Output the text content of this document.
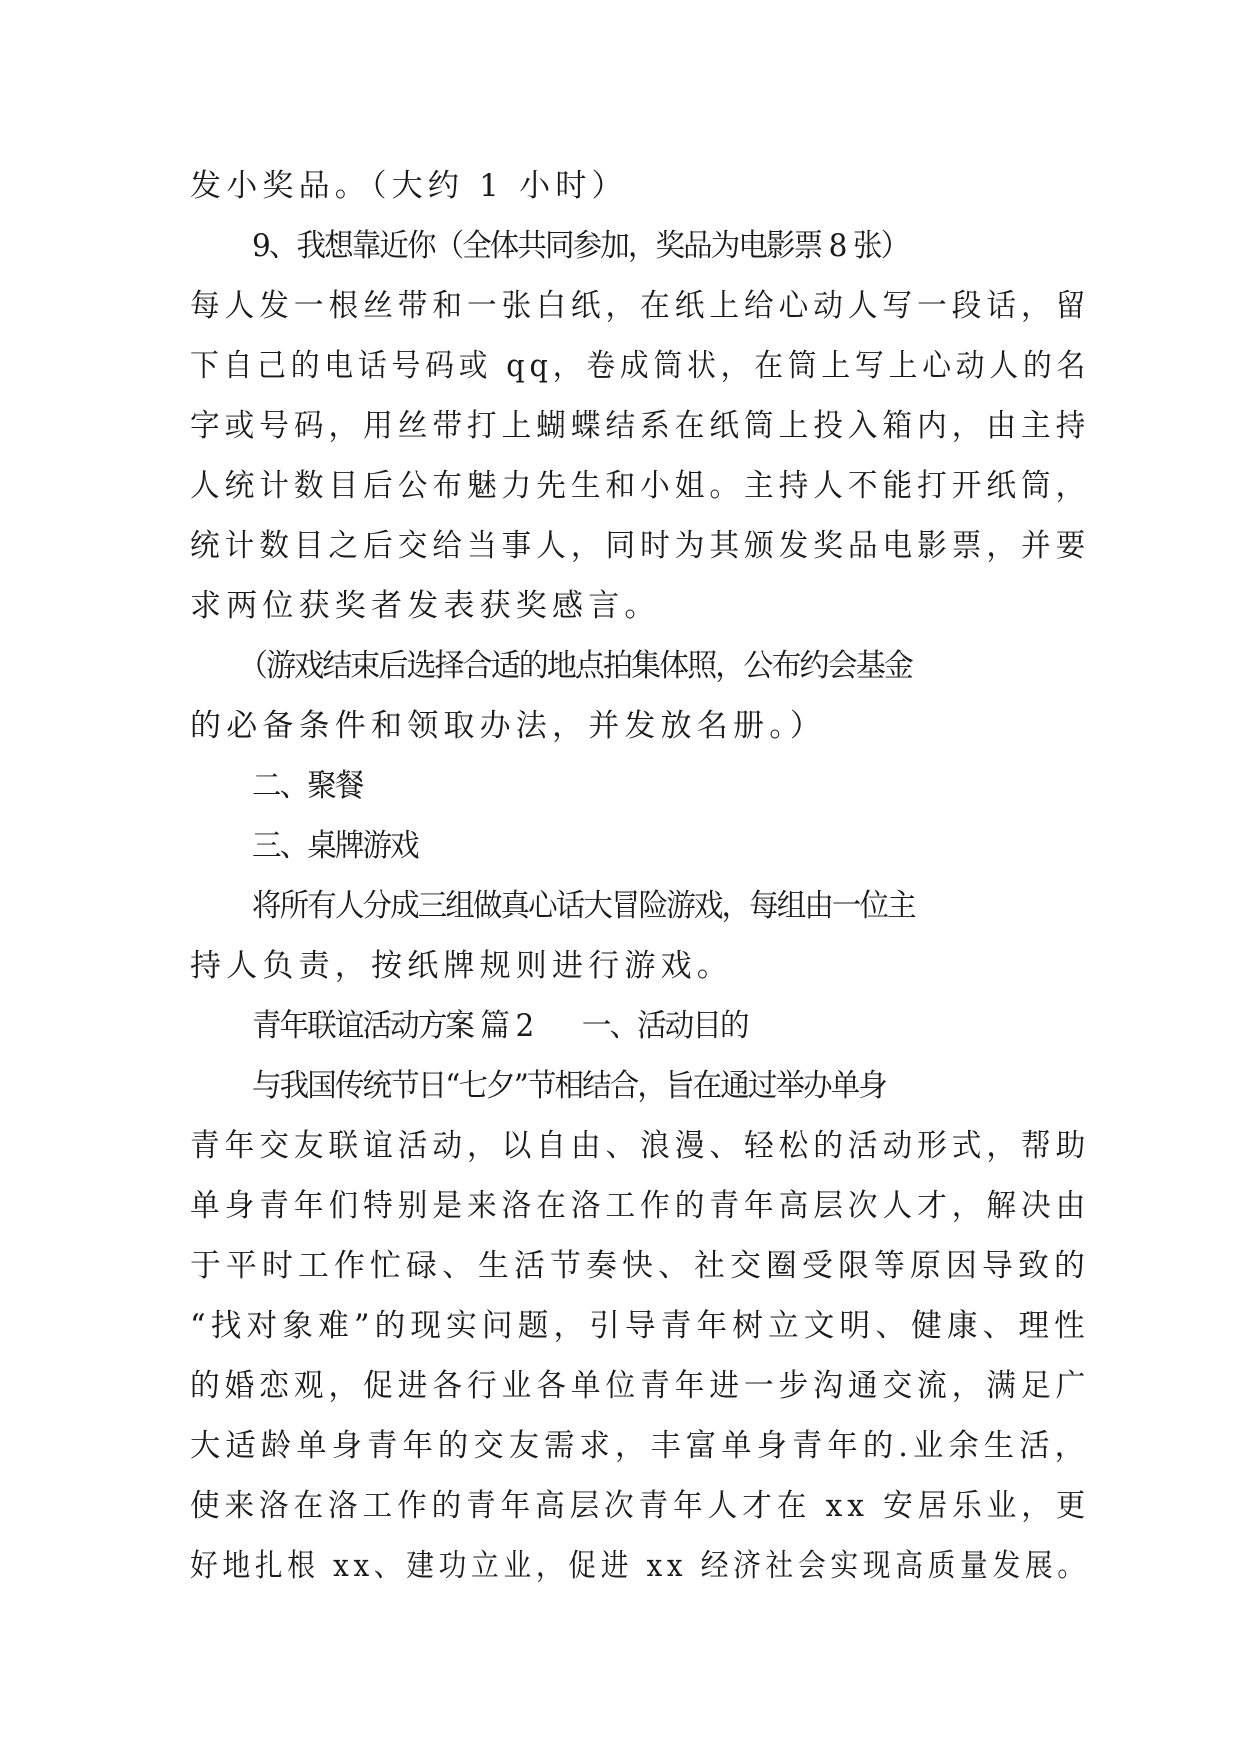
发小奖品。（大约 1 小时）
9、我想靠近你（全体共同参加，奖品为电影票 8 张）
每人发一根丝带和一张白纸，在纸上给心动人写一段话，留
下自己的电话号码或 qq，卷成筒状，在筒上写上心动人的名
字或号码，用丝带打上蝴蝶结系在纸筒上投入箱内，由主持
人统计数目后公布魅力先生和小姐。主持人不能打开纸筒，
统计数目之后交给当事人，同时为其颁发奖品电影票，并要
求两位获奖者发表获奖感言。
（游戏结束后选择合适的地点拍集体照，公布约会基金
的必备条件和领取办法，并发放名册。）
二、聚餐
三、桌牌游戏
将所有人分成三组做真心话大冒险游戏，每组由一位主
持人负责，按纸牌规则进行游戏。
青年联谊活动方案 篇 2 一、活动目的
与我国传统节日“七夕”节相结合，旨在通过举办单身
青年交友联谊活动，以自由、浪漫、轻松的活动形式，帮助
单身青年们特别是来洛在洛工作的青年高层次人才，解决由
于平时工作忙碌、生活节奏快、社交圈受限等原因导致的
“找对象难”的现实问题，引导青年树立文明、健康、理性
的婚恋观，促进各行业各单位青年进一步沟通交流，满足广
大适龄单身青年的交友需求，丰富单身青年的.业余生活，
使来洛在洛工作的青年高层次青年人才在 xx 安居乐业，更
好地扎根 xx、建功立业，促进 xx 经济社会实现高质量发展。
